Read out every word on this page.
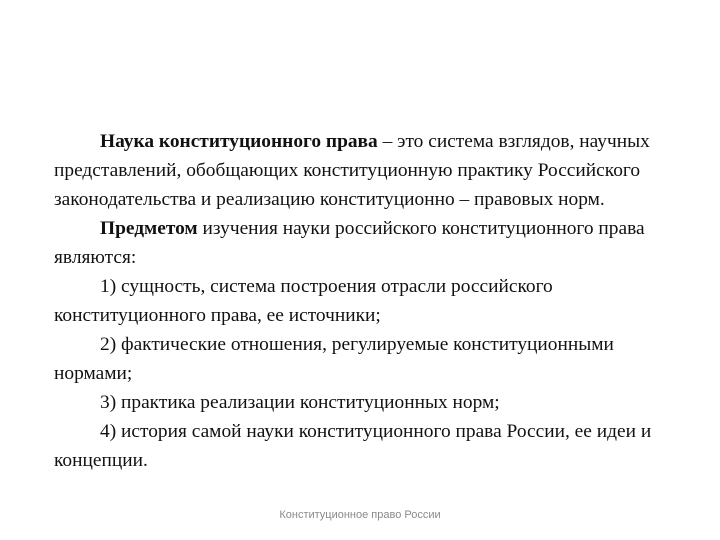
Наука конституционного права – это система взглядов, научных представлений, обобщающих конституционную практику Российского законодательства и реализацию конституционно – правовых норм.

Предметом изучения науки российского конституционного права являются:

1) сущность, система построения отрасли российского конституционного права, ее источники;

2) фактические отношения, регулируемые конституционными нормами;

3) практика реализации конституционных норм;

4) история самой науки конституционного права России, ее идеи и концепции.

Конституционное право России
